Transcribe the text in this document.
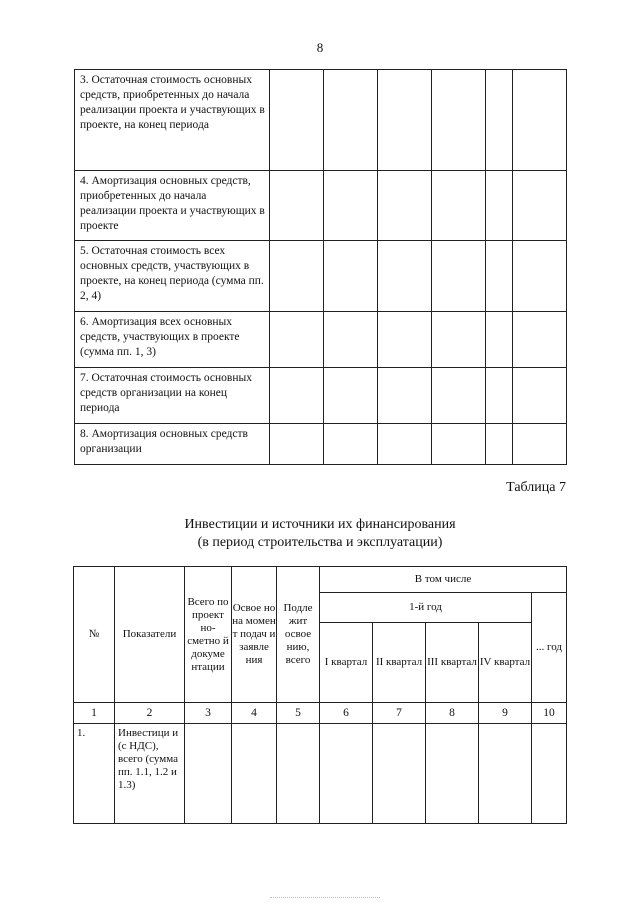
8
3. Остаточная стоимость основных средств, приобретенных до начала реализации проекта и участвующих в проекте, на конец периода						
4. Амортизация основных средств, приобретенных до начала реализации проекта и участвующих в проекте						
5. Остаточная стоимость всех основных средств, участвующих в проекте, на конец периода (сумма пп. 2, 4)						
6. Амортизация всех основных средств, участвующих в проекте (сумма пп. 1, 3)						
7. Остаточная стоимость основных средств организации на конец периода						
8. Амортизация основных средств организации						
Таблица 7
Инвестиции и источники их финансирования
(в период строительства и эксплуатации)
№	Показатели	Всего по проект но-сметно й докуме нтации	Освое но на момен т подач и заявле ния	Подле жит освое нию, всего	В том числе				
					1-й год				... год
					I квартал	II квартал	III квартал	IV квартал	
1	2	3	4	5	6	7	8	9	10
1.	Инвестици и (с НДС), всего (сумма пп. 1.1, 1.2 и 1.3)								
